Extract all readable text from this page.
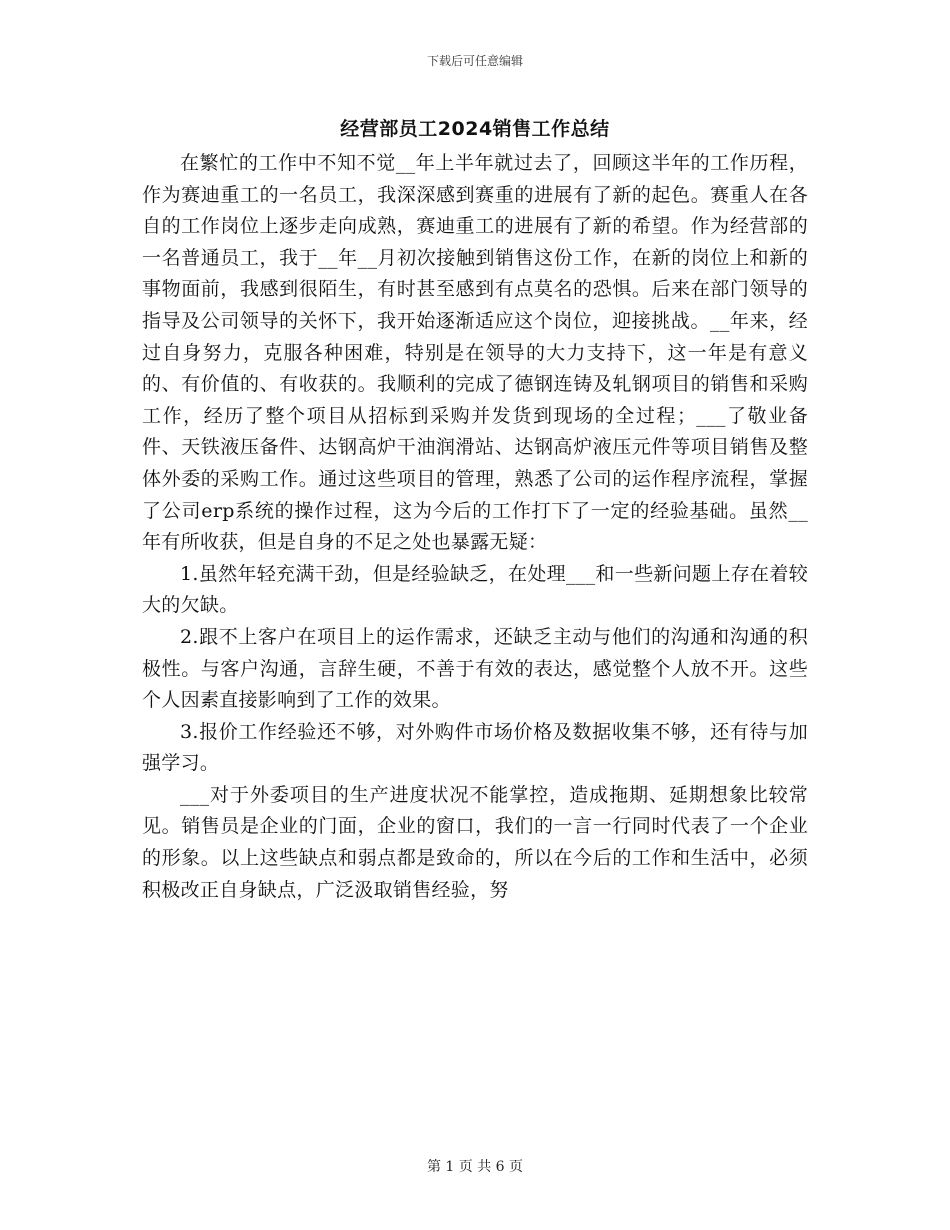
下载后可任意编辑
经营部员工2024销售工作总结

在繁忙的工作中不知不觉__年上半年就过去了，回顾这半年的工作历程，作为赛迪重工的一名员工，我深深感到赛重的进展有了新的起色。赛重人在各自的工作岗位上逐步走向成熟，赛迪重工的进展有了新的希望。作为经营部的一名普通员工，我于__年__月初次接触到销售这份工作，在新的岗位上和新的事物面前，我感到很陌生，有时甚至感到有点莫名的恐惧。后来在部门领导的指导及公司领导的关怀下，我开始逐渐适应这个岗位，迎接挑战。__年来，经过自身努力，克服各种困难，特别是在领导的大力支持下，这一年是有意义的、有价值的、有收获的。我顺利的完成了德钢连铸及轧钢项目的销售和采购工作，经历了整个项目从招标到采购并发货到现场的全过程；___了敬业备件、天铁液压备件、达钢高炉干油润滑站、达钢高炉液压元件等项目销售及整体外委的采购工作。通过这些项目的管理，熟悉了公司的运作程序流程，掌握了公司erp系统的操作过程，这为今后的工作打下了一定的经验基础。虽然__年有所收获，但是自身的不足之处也暴露无疑：

1.虽然年轻充满干劲，但是经验缺乏，在处理___和一些新问题上存在着较大的欠缺。

2.跟不上客户在项目上的运作需求，还缺乏主动与他们的沟通和沟通的积极性。与客户沟通，言辞生硬，不善于有效的表达，感觉整个人放不开。这些个人因素直接影响到了工作的效果。

3.报价工作经验还不够，对外购件市场价格及数据收集不够，还有待与加强学习。

___对于外委项目的生产进度状况不能掌控，造成拖期、延期想象比较常见。销售员是企业的门面，企业的窗口，我们的一言一行同时代表了一个企业的形象。以上这些缺点和弱点都是致命的，所以在今后的工作和生活中，必须积极改正自身缺点，广泛汲取销售经验，努

第 1 页 共 6 页
